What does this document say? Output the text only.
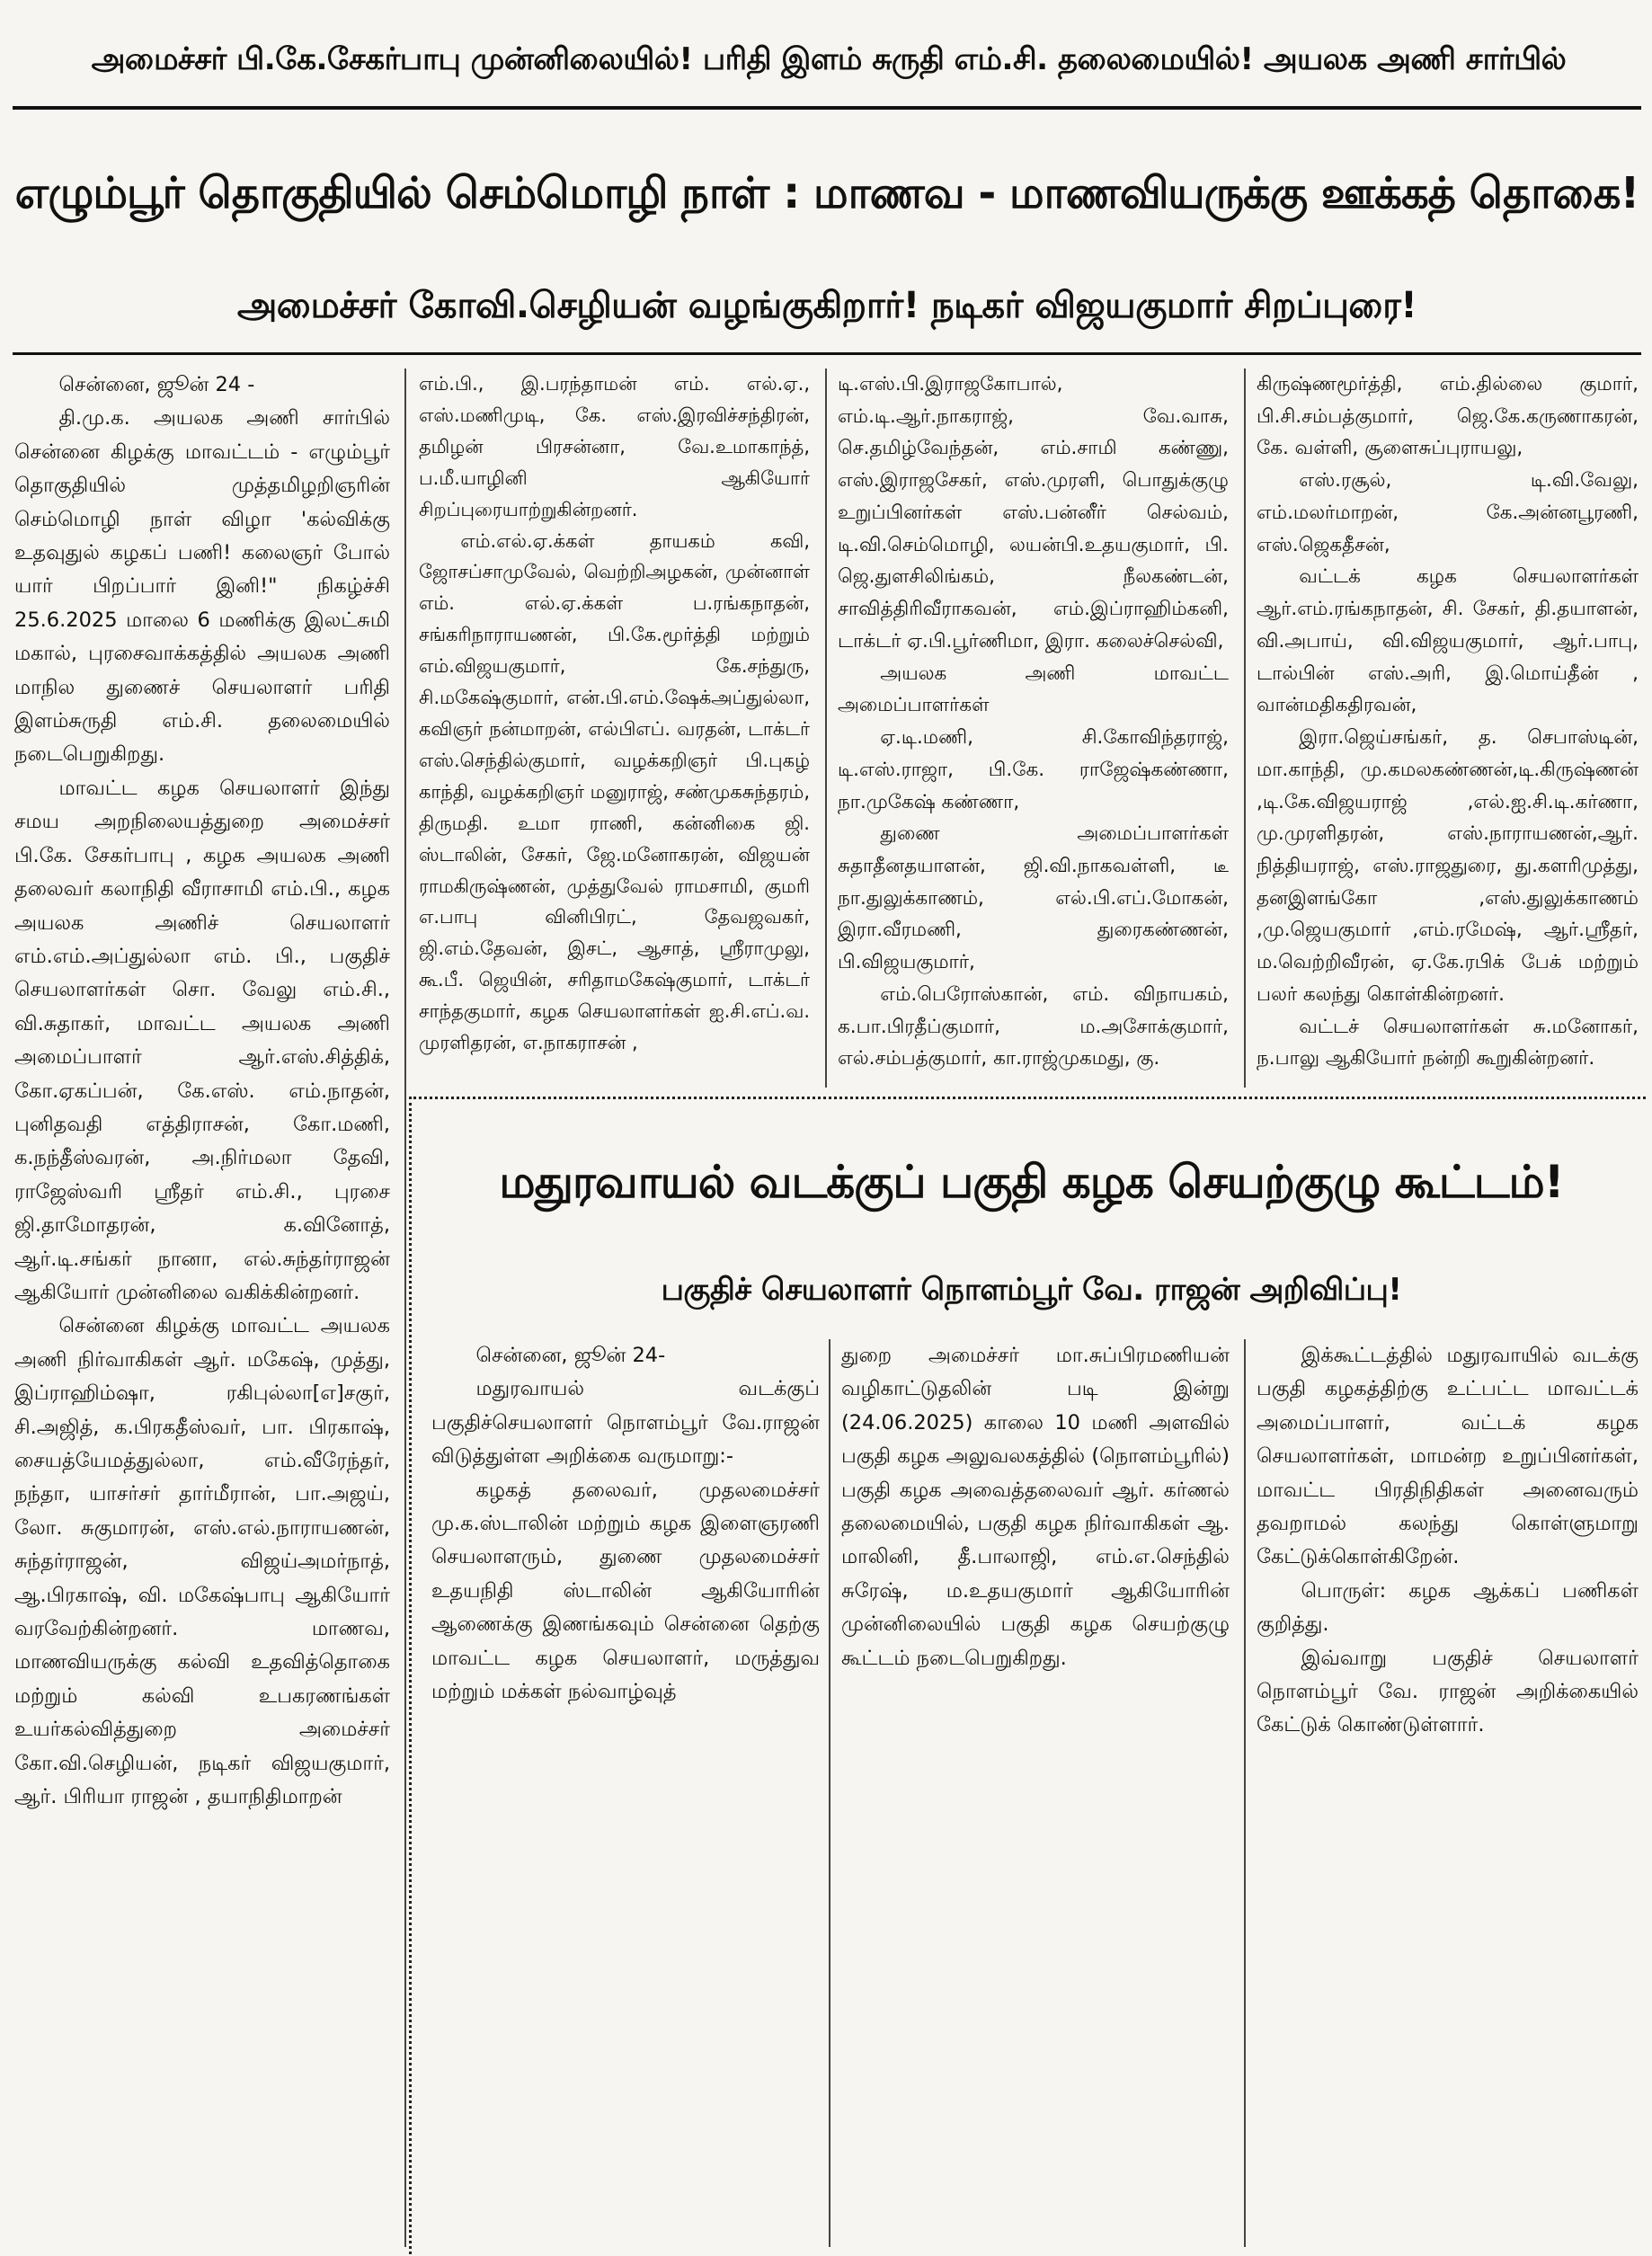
அமைச்சர் பி.கே.சேகர்பாபு முன்னிலையில்! பரிதி இளம் சுருதி எம்.சி. தலைமையில்! அயலக அணி சார்பில்
எழும்பூர் தொகுதியில் செம்மொழி நாள் : மாணவ - மாணவியருக்கு ஊக்கத் தொகை!
அமைச்சர் கோவி.செழியன் வழங்குகிறார்! நடிகர் விஜயகுமார் சிறப்புரை!

சென்னை, ஜூன் 24 -

தி.மு.க. அயலக அணி சார்பில் சென்னை கிழக்கு மாவட்டம் - எழும்பூர் தொகுதியில் முத்தமிழறிஞரின் செம்மொழி நாள் விழா 'கல்விக்கு உதவுதுல் கழகப் பணி! கலைஞர் போல் யார் பிறப்பார் இனி!" நிகழ்ச்சி 25.6.2025 மாலை 6 மணிக்கு இலட்சுமி மகால், புரசைவாக்கத்தில் அயலக அணி மாநில துணைச் செயலாளர் பரிதி இளம்சுருதி எம்.சி. தலைமையில் நடைபெறுகிறது.

மாவட்ட கழக செயலாளர் இந்து சமய அறநிலையத்துறை அமைச்சர் பி.கே. சேகர்பாபு , கழக அயலக அணி தலைவர் கலாநிதி வீராசாமி எம்.பி., கழக அயலக அணிச் செயலாளர் எம்.எம்.அப்துல்லா எம். பி., பகுதிச் செயலாளர்கள் சொ. வேலு எம்.சி., வி.சுதாகர், மாவட்ட அயலக அணி அமைப்பாளர் ஆர்.எஸ்.சித்திக், கோ.ஏகப்பன், கே.எஸ். எம்.நாதன், புனிதவதி எத்திராசன், கோ.மணி, க.நந்தீஸ்வரன், அ.நிர்மலா தேவி, ராஜேஸ்வரி ஸ்ரீதர் எம்.சி., புரசை ஜி.தாமோதரன், க.வினோத், ஆர்.டி.சங்கர் நானா, எல்.சுந்தர்ராஜன் ஆகியோர் முன்னிலை வகிக்கின்றனர்.

சென்னை கிழக்கு மாவட்ட அயலக அணி நிர்வாகிகள் ஆர். மகேஷ், முத்து, இப்ராஹிம்ஷா, ரகிபுல்லா[எ]சகுர், சி.அஜித், க.பிரகதீஸ்வர், பா. பிரகாஷ், சையத்யேமத்துல்லா, எம்.வீரேந்தர், நந்தா, யாசர்சர் தார்மீரான், பா.அஜய், லோ. சுகுமாரன், எஸ்.எல்.நாராயணன், சுந்தர்ராஜன், விஜய்அமர்நாத், ஆ.பிரகாஷ், வி. மகேஷ்பாபு ஆகியோர் வரவேற்கின்றனர். மாணவ, மாணவியருக்கு கல்வி உதவித்தொகை மற்றும் கல்வி உபகரணங்கள் உயர்கல்வித்துறை அமைச்சர் கோ.வி.செழியன், நடிகர் விஜயகுமார், ஆர். பிரியா ராஜன் , தயாநிதிமாறன்

எம்.பி., இ.பரந்தாமன் எம். எல்.ஏ., எஸ்.மணிமுடி, கே. எஸ்.இரவிச்சந்திரன், தமிழன் பிரசன்னா, வே.உமாகாந்த், ப.மீ.யாழினி ஆகியோர் சிறப்புரையாற்றுகின்றனர்.

எம்.எல்.ஏ.க்கள் தாயகம் கவி, ஜோசப்சாமுவேல், வெற்றிஅழகன், முன்னாள் எம். எல்.ஏ.க்கள் ப.ரங்கநாதன், சங்கரிநாராயணன், பி.கே.மூர்த்தி மற்றும் எம்.விஜயகுமார், கே.சந்துரு, சி.மகேஷ்குமார், என்.பி.எம்.ஷேக்அப்துல்லா, கவிஞர் நன்மாறன், எல்பிஎப். வரதன், டாக்டர் எஸ்.செந்தில்குமார், வழக்கறிஞர் பி.புகழ் காந்தி, வழக்கறிஞர் மனுராஜ், சண்முகசுந்தரம், திருமதி. உமா ராணி, கன்னிகை ஜி. ஸ்டாலின், சேகர், ஜே.மனோகரன், விஜயன் ராமகிருஷ்ணன், முத்துவேல் ராமசாமி, குமரி எ.பாபு வினிபிரட், தேவஜவகர், ஜி.எம்.தேவன், இசட், ஆசாத், ஸ்ரீராமுலு, கூ.பீ. ஜெயின், சரிதாமகேஷ்குமார், டாக்டர் சாந்தகுமார், கழக செயலாளர்கள் ஐ.சி.எப்.வ. முரளிதரன், எ.நாகராசன் ,

டி.எஸ்.பி.இராஜகோபால், எம்.டி.ஆர்.நாகராஜ், வே.வாசு, செ.தமிழ்வேந்தன், எம்.சாமி கண்ணு, எஸ்.இராஜசேகர், எஸ்.முரளி, பொதுக்குழு உறுப்பினர்கள் எஸ்.பன்னீர் செல்வம், டி.வி.செம்மொழி, லயன்பி.உதயகுமார், பி. ஜெ.துளசிலிங்கம், நீலகண்டன், சாவித்திரிவீராகவன், எம்.இப்ராஹிம்கனி, டாக்டர் ஏ.பி.பூர்ணிமா, இரா. கலைச்செல்வி,

அயலக அணி மாவட்ட அமைப்பாளர்கள்

ஏ.டி.மணி, சி.கோவிந்தராஜ், டி.எஸ்.ராஜா, பி.கே. ராஜேஷ்கண்ணா, நா.முகேஷ் கண்ணா,

துணை அமைப்பாளர்கள் சுதாதீனதயாளன், ஜி.வி.நாகவள்ளி, டீ நா.துலுக்காணம், எல்.பி.எப்.மோகன், இரா.வீரமணி, துரைகண்ணன், பி.விஜயகுமார்,

எம்.பெரோஸ்கான், எம். விநாயகம், க.பா.பிரதீப்குமார், ம.அசோக்குமார், எல்.சம்பத்குமார், கா.ராஜ்முகமது, கு.

கிருஷ்ணமூர்த்தி, எம்.தில்லை குமார், பி.சி.சம்பத்குமார், ஜெ.கே.கருணாகரன், கே. வள்ளி, சூளைசுப்புராயலு,

எஸ்.ரசூல், டி.வி.வேலு, எம்.மலர்மாறன், கே.அன்னபூரணி, எஸ்.ஜெகதீசன்,

வட்டக் கழக செயலாளர்கள் ஆர்.எம்.ரங்கநாதன், சி. சேகர், தி.தயாளன், வி.அபாய், வி.விஜயகுமார், ஆர்.பாபு, டால்பின் எஸ்.அரி, இ.மொய்தீன் , வான்மதிகதிரவன்,

இரா.ஜெய்சங்கர், த. செபாஸ்டின், மா.காந்தி, மு.கமலகண்ணன்,டி.கிருஷ்ணன் ,டி.கே.விஜயராஜ் ,எல்.ஐ.சி.டி.கர்ணா, மு.முரளிதரன், எஸ்.நாராயணன்,ஆர். நித்தியராஜ், எஸ்.ராஜதுரை, து.களரிமுத்து, தனஇளங்கோ ,எஸ்.துலுக்காணம் ,மு.ஜெயகுமார் ,எம்.ரமேஷ், ஆர்.ஸ்ரீதர், ம.வெற்றிவீரன், ஏ.கே.ரபிக் பேக் மற்றும் பலர் கலந்து கொள்கின்றனர்.

வட்டச் செயலாளர்கள் சு.மனோகர், ந.பாலு ஆகியோர் நன்றி கூறுகின்றனர்.

மதுரவாயல் வடக்குப் பகுதி கழக செயற்குழு கூட்டம்!
பகுதிச் செயலாளர் நொளம்பூர் வே. ராஜன் அறிவிப்பு!

சென்னை, ஜூன் 24-

மதுரவாயல் வடக்குப் பகுதிச்செயலாளர் நொளம்பூர் வே.ராஜன் விடுத்துள்ள அறிக்கை வருமாறு:-

கழகத் தலைவர், முதலமைச்சர் மு.க.ஸ்டாலின் மற்றும் கழக இளைஞரணி செயலாளரும், துணை முதலமைச்சர் உதயநிதி ஸ்டாலின் ஆகியோரின் ஆணைக்கு இணங்கவும் சென்னை தெற்கு மாவட்ட கழக செயலாளர், மருத்துவ மற்றும் மக்கள் நல்வாழ்வுத்

துறை அமைச்சர் மா.சுப்பிரமணியன் வழிகாட்டுதலின் படி இன்று (24.06.2025) காலை 10 மணி அளவில் பகுதி கழக அலுவலகத்தில் (நொளம்பூரில்) பகுதி கழக அவைத்தலைவர் ஆர். கர்ணல் தலைமையில், பகுதி கழக நிர்வாகிகள் ஆ. மாலினி, தீ.பாலாஜி, எம்.எ.செந்தில் சுரேஷ், ம.உதயகுமார் ஆகியோரின் முன்னிலையில் பகுதி கழக செயற்குழு கூட்டம் நடைபெறுகிறது.

இக்கூட்டத்தில் மதுரவாயில் வடக்கு பகுதி கழகத்திற்கு உட்பட்ட மாவட்டக் அமைப்பாளர், வட்டக் கழக செயலாளர்கள், மாமன்ற உறுப்பினர்கள், மாவட்ட பிரதிநிதிகள் அனைவரும் தவறாமல் கலந்து கொள்ளுமாறு கேட்டுக்கொள்கிறேன்.

பொருள்: கழக ஆக்கப் பணிகள் குறித்து.

இவ்வாறு பகுதிச் செயலாளர் நொளம்பூர் வே. ராஜன் அறிக்கையில் கேட்டுக் கொண்டுள்ளார்.
